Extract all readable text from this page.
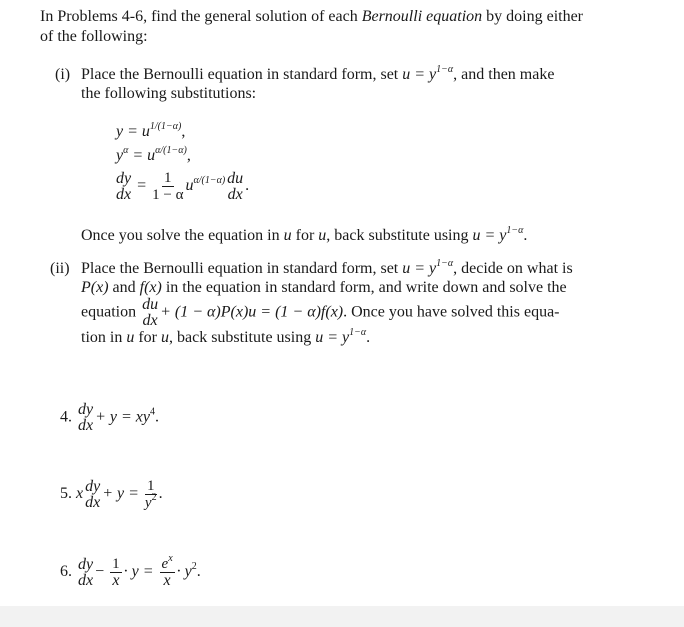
In Problems 4-6, find the general solution of each Bernoulli equation by doing either
of the following:
(i) Place the Bernoulli equation in standard form, set $u = y^{1-\alpha}$, and then make
the following substitutions:
$y = u^{1/(1-\alpha)}$,
$y^\alpha = u^{\alpha/(1-\alpha)}$,
dy
dx = $\frac{1}{1 - \alpha} u^{\alpha/(1-\alpha)}$ du
dx .
Once you solve the equation in u for u, back substitute using $u = y^{1-\alpha}$.
(ii) Place the Bernoulli equation in standard form, set $u = y^{1-\alpha}$, decide on what is
P(x) and f(x) in the equation in standard form, and write down and solve the
equation du
dx + (1 − α)P(x)u = (1 − α)f(x). Once you have solved this equa-
tion in u for u, back substitute using $u = y^{1-\alpha}$.
4. dy
dx + $y = xy^4$.
5. x dy
dx + $y = \frac{1}{y^2}$ .
6. dy
dx − $\frac{1}{x} \cdot y = \frac{e^x}{x} \cdot y^2$.
